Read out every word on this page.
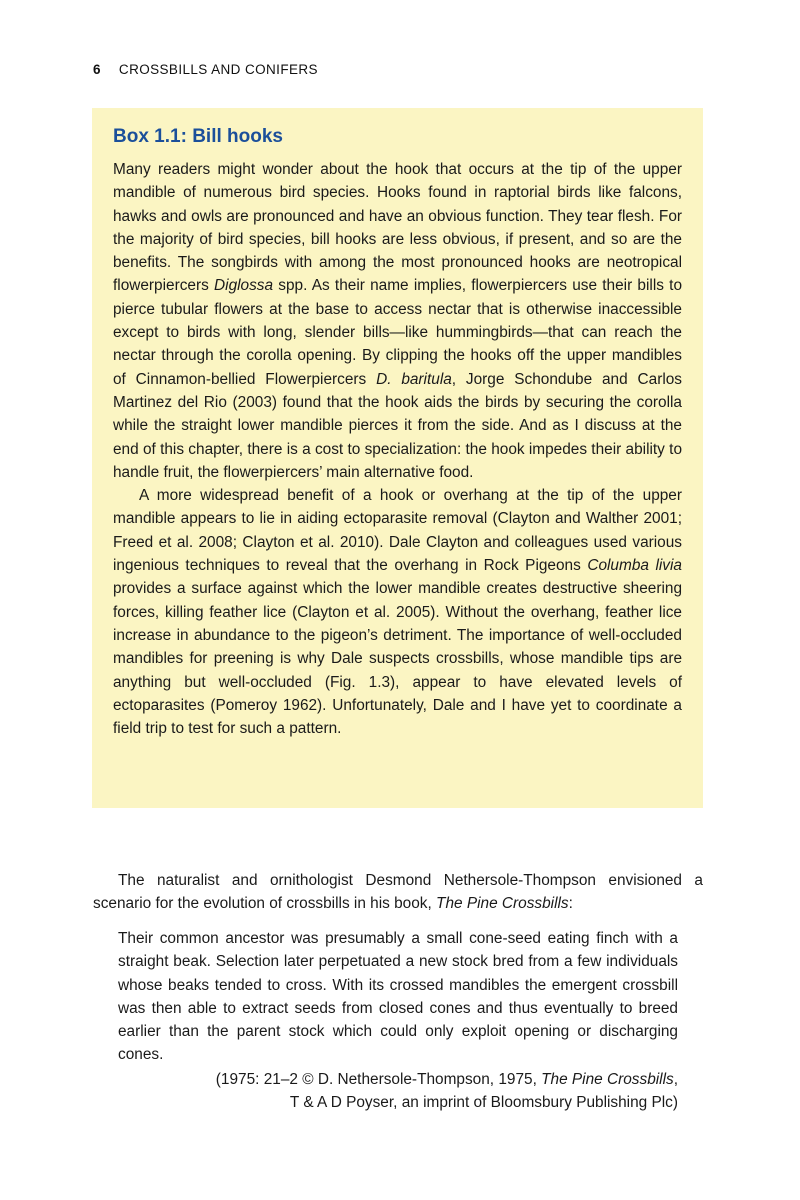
6 CROSSBILLS AND CONIFERS
Box 1.1: Bill hooks

Many readers might wonder about the hook that occurs at the tip of the upper mandible of numerous bird species. Hooks found in raptorial birds like falcons, hawks and owls are pronounced and have an obvious function. They tear flesh. For the majority of bird species, bill hooks are less obvious, if present, and so are the benefits. The songbirds with among the most pronounced hooks are neotropical flowerpiercers Diglossa spp. As their name implies, flowerpiercers use their bills to pierce tubular flowers at the base to access nectar that is otherwise inaccessible except to birds with long, slender bills—like hummingbirds—that can reach the nectar through the corolla opening. By clipping the hooks off the upper mandibles of Cinnamon-bellied Flowerpiercers D. baritula, Jorge Schondube and Carlos Martinez del Rio (2003) found that the hook aids the birds by securing the corolla while the straight lower mandible pierces it from the side. And as I discuss at the end of this chapter, there is a cost to specialization: the hook impedes their ability to handle fruit, the flowerpiercers’ main alternative food.

A more widespread benefit of a hook or overhang at the tip of the upper mandible appears to lie in aiding ectoparasite removal (Clayton and Walther 2001; Freed et al. 2008; Clayton et al. 2010). Dale Clayton and colleagues used various ingenious techniques to reveal that the overhang in Rock Pigeons Columba livia provides a surface against which the lower mandible creates destructive sheering forces, killing feather lice (Clayton et al. 2005). Without the overhang, feather lice increase in abundance to the pigeon’s detriment. The importance of well-occluded mandibles for preening is why Dale suspects crossbills, whose mandible tips are anything but well-occluded (Fig. 1.3), appear to have elevated levels of ectoparasites (Pomeroy 1962). Unfortunately, Dale and I have yet to coordinate a field trip to test for such a pattern.

The naturalist and ornithologist Desmond Nethersole-Thompson envisioned a scenario for the evolution of crossbills in his book, The Pine Crossbills:

Their common ancestor was presumably a small cone-seed eating finch with a straight beak. Selection later perpetuated a new stock bred from a few individuals whose beaks tended to cross. With its crossed mandibles the emergent crossbill was then able to extract seeds from closed cones and thus eventually to breed earlier than the parent stock which could only exploit opening or discharging cones.
(1975: 21–2 © D. Nethersole-Thompson, 1975, The Pine Crossbills,
T & A D Poyser, an imprint of Bloomsbury Publishing Plc)
